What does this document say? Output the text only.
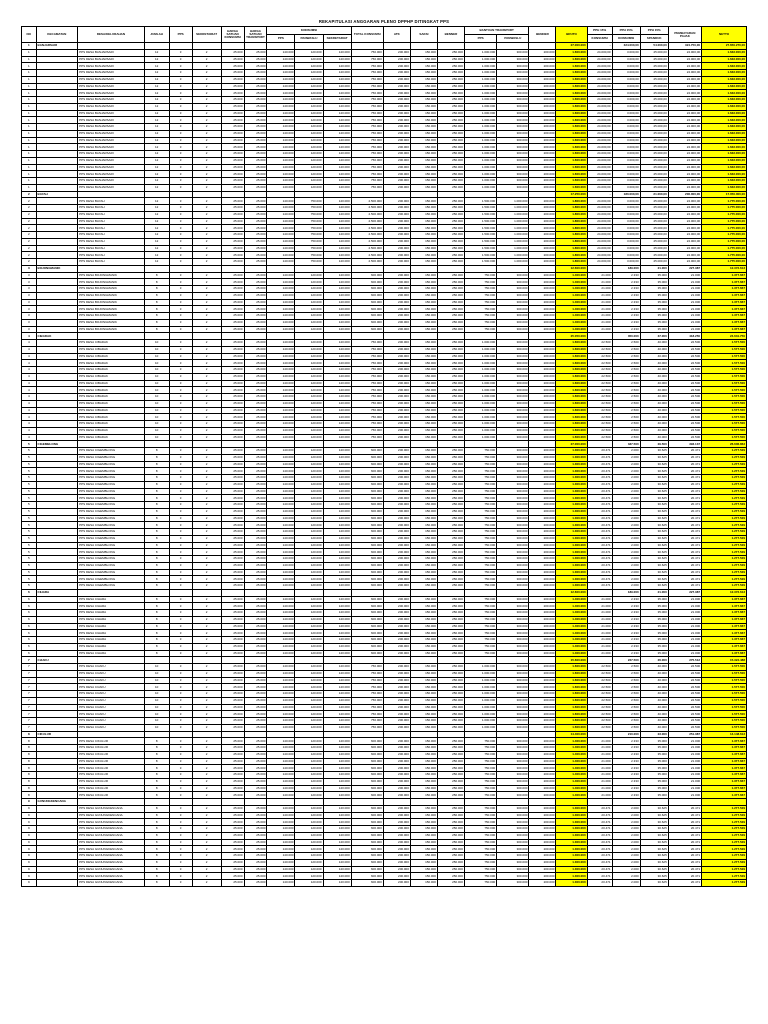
REKAPITULASI ANGGARAN PLENO DPPHP DITINGKAT PPS
NO	KECAMATAN	DESA/KELURAHAN	JUMLAH	PPS	SEKRETARIAT	HARGA SATUAN KONSUMSI	HARGA SATUAN TRANSPORT	KONSUMSI			TOTAL KONSUMSI	ATK	SAKSI	BENNER	BANTUAN TRANSPORT		BENNER	BRUTO	PPH 15%	PPH 15%	PPH 15%	PEMBAYARAN PAJAK	NETTO
								PPS	PANWASLU	SEKRETARIAT					PPS	PANWASLU			KONSUMSI	KONSUMSI	SPANDUK		
1	BANJARSARI																	27.000.000	-	324.000,00	54.000,00	324.750,00	27.650.270,00
1		PPS DESA BANJARSARI	12	3	2	25.000	25.000	140.000	120.000	140.000	750.000	200.000	150.000	250.000	1.000.000	300.000	200.000	1.600.000	24.000,00	3.000,00	45.000,00	24.000,00	1.633.000,00
1		PPS DESA BANJARSARI	12	3	2	25.000	25.000	140.000	120.000	140.000	750.000	200.000	150.000	250.000	1.000.000	300.000	200.000	1.600.000	24.000,00	3.000,00	45.000,00	24.000,00	1.633.000,00
1		PPS DESA BANJARSARI	12	3	2	25.000	25.000	140.000	120.000	140.000	750.000	200.000	150.000	250.000	1.000.000	300.000	200.000	1.600.000	24.000,00	3.000,00	45.000,00	24.000,00	1.633.000,00
1		PPS DESA BANJARSARI	12	3	2	25.000	25.000	140.000	120.000	140.000	750.000	200.000	150.000	250.000	1.000.000	300.000	200.000	1.600.000	24.000,00	3.000,00	45.000,00	24.000,00	1.633.000,00
1		PPS DESA BANJARSARI	12	3	2	25.000	25.000	140.000	120.000	140.000	750.000	200.000	150.000	250.000	1.000.000	300.000	200.000	1.600.000	24.000,00	3.000,00	45.000,00	24.000,00	1.633.000,00
1		PPS DESA BANJARSARI	12	3	2	25.000	25.000	140.000	120.000	140.000	750.000	200.000	150.000	250.000	1.000.000	300.000	200.000	1.600.000	24.000,00	3.000,00	45.000,00	24.000,00	1.633.000,00
1		PPS DESA BANJARSARI	12	3	2	25.000	25.000	140.000	120.000	140.000	750.000	200.000	150.000	250.000	1.000.000	300.000	200.000	1.600.000	24.000,00	3.000,00	45.000,00	24.000,00	1.633.000,00
1		PPS DESA BANJARSARI	12	3	2	25.000	25.000	140.000	120.000	140.000	750.000	200.000	150.000	250.000	1.000.000	300.000	200.000	1.600.000	24.000,00	3.000,00	45.000,00	24.000,00	1.633.000,00
1		PPS DESA BANJARSARI	12	3	2	25.000	25.000	140.000	120.000	140.000	750.000	200.000	150.000	250.000	1.000.000	300.000	200.000	1.600.000	24.000,00	3.000,00	45.000,00	24.000,00	1.633.000,00
1		PPS DESA BANJARSARI	12	3	2	25.000	25.000	140.000	120.000	140.000	750.000	200.000	150.000	250.000	1.000.000	300.000	200.000	1.600.000	24.000,00	3.000,00	45.000,00	24.000,00	1.633.000,00
1		PPS DESA BANJARSARI	12	3	2	25.000	25.000	140.000	120.000	140.000	750.000	200.000	150.000	250.000	1.000.000	300.000	200.000	1.600.000	24.000,00	3.000,00	45.000,00	24.000,00	1.633.000,00
1		PPS DESA BANJARSARI	12	3	2	25.000	25.000	140.000	120.000	140.000	750.000	200.000	150.000	250.000	1.000.000	300.000	200.000	1.600.000	24.000,00	3.000,00	45.000,00	24.000,00	1.633.000,00
1		PPS DESA BANJARSARI	12	3	2	25.000	25.000	140.000	120.000	140.000	750.000	200.000	150.000	250.000	1.000.000	300.000	200.000	1.600.000	24.000,00	3.000,00	45.000,00	24.000,00	1.633.000,00
1		PPS DESA BANJARSARI	12	3	2	25.000	25.000	140.000	120.000	140.000	750.000	200.000	150.000	250.000	1.000.000	300.000	200.000	1.600.000	24.000,00	3.000,00	45.000,00	24.000,00	1.633.000,00
1		PPS DESA BANJARSARI	12	3	2	25.000	25.000	140.000	120.000	140.000	750.000	200.000	150.000	250.000	1.000.000	300.000	200.000	1.600.000	24.000,00	3.000,00	45.000,00	24.000,00	1.633.000,00
1		PPS DESA BANJARSARI	12	3	2	25.000	25.000	140.000	120.000	140.000	750.000	200.000	150.000	250.000	1.000.000	300.000	200.000	1.600.000	24.000,00	3.000,00	45.000,00	24.000,00	1.633.000,00
1		PPS DESA BANJARSARI	12	3	2	25.000	25.000	140.000	120.000	140.000	750.000	200.000	150.000	250.000	1.000.000	300.000	200.000	1.600.000	24.000,00	3.000,00	45.000,00	24.000,00	1.633.000,00
1		PPS DESA BANJARSARI	12	3	2	25.000	25.000	140.000	120.000	140.000	750.000	200.000	150.000	250.000	1.000.000	300.000	200.000	1.600.000	24.000,00	3.000,00	45.000,00	24.000,00	1.633.000,00
1		PPS DESA BANJARSARI	12	3	2	25.000	25.000	140.000	120.000	140.000	750.000	200.000	150.000	250.000	1.000.000	300.000	200.000	1.600.000	24.000,00	3.000,00	45.000,00	24.000,00	1.633.000,00
1		PPS DESA BANJARSARI	12	3	2	25.000	25.000	140.000	120.000	140.000	750.000	200.000	150.000	250.000	1.000.000	300.000	200.000	1.600.000	24.000,00	3.000,00	45.000,00	24.000,00	1.633.000,00
1		PPS DESA BANJARSARI	12	3	2	25.000	25.000	140.000	120.000	140.000	750.000	200.000	150.000	250.000	1.000.000	300.000	200.000	1.600.000	24.000,00	3.000,00	45.000,00	24.000,00	1.633.000,00
2	BAYAH																	17.250.000	-	180.000,00	21.000,00	206.000,00	17.050.000,00
2		PPS DESA BAYAH	12	3	2	25.000	25.000	140.000	750.000	140.000	2.500.000	200.000	150.000	250.000	1.500.000	1.000.000	200.000	1.800.000	24.000,00	3.000,00	45.000,00	24.000,00	1.775.000,00
2		PPS DESA BAYAH	12	3	2	25.000	25.000	140.000	750.000	140.000	2.500.000	200.000	150.000	250.000	1.500.000	1.000.000	200.000	1.800.000	24.000,00	3.000,00	45.000,00	24.000,00	1.775.000,00
2		PPS DESA BAYAH	12	3	2	25.000	25.000	140.000	750.000	140.000	2.500.000	200.000	150.000	250.000	1.500.000	1.000.000	200.000	1.800.000	24.000,00	3.000,00	45.000,00	24.000,00	1.775.000,00
2		PPS DESA BAYAH	12	3	2	25.000	25.000	140.000	750.000	140.000	2.500.000	200.000	150.000	250.000	1.500.000	1.000.000	200.000	1.800.000	24.000,00	3.000,00	45.000,00	24.000,00	1.775.000,00
2		PPS DESA BAYAH	12	3	2	25.000	25.000	140.000	750.000	140.000	2.500.000	200.000	150.000	250.000	1.500.000	1.000.000	200.000	1.800.000	24.000,00	3.000,00	45.000,00	24.000,00	1.775.000,00
2		PPS DESA BAYAH	12	3	2	25.000	25.000	140.000	750.000	140.000	2.500.000	200.000	150.000	250.000	1.500.000	1.000.000	200.000	1.800.000	24.000,00	3.000,00	45.000,00	24.000,00	1.775.000,00
2		PPS DESA BAYAH	12	3	2	25.000	25.000	140.000	750.000	140.000	2.500.000	200.000	150.000	250.000	1.500.000	1.000.000	200.000	1.800.000	24.000,00	3.000,00	45.000,00	24.000,00	1.775.000,00
2		PPS DESA BAYAH	12	3	2	25.000	25.000	140.000	750.000	140.000	2.500.000	200.000	150.000	250.000	1.500.000	1.000.000	200.000	1.800.000	24.000,00	3.000,00	45.000,00	24.000,00	1.775.000,00
2		PPS DESA BAYAH	12	3	2	25.000	25.000	140.000	750.000	140.000	2.500.000	200.000	150.000	250.000	1.500.000	1.000.000	200.000	1.800.000	24.000,00	3.000,00	45.000,00	24.000,00	1.775.000,00
2		PPS DESA BAYAH	12	3	2	25.000	25.000	140.000	750.000	140.000	2.500.000	200.000	150.000	250.000	1.500.000	1.000.000	200.000	1.800.000	24.000,00	3.000,00	45.000,00	24.000,00	1.775.000,00
3	BOJONGMANIK																	12.600.000		189.000	21.000	227.387	12.372.613
3		PPS DESA BOJONGMANIK	8	3	2	25.000	25.000	140.000	120.000	140.000	600.000	200.000	150.000	250.000	750.000	300.000	200.000	1.400.000	21.000	2.333	35.000	21.000	1.377.667
3		PPS DESA BOJONGMANIK	8	3	2	25.000	25.000	140.000	120.000	140.000	600.000	200.000	150.000	250.000	750.000	300.000	200.000	1.400.000	21.000	2.333	35.000	21.000	1.377.667
3		PPS DESA BOJONGMANIK	8	3	2	25.000	25.000	140.000	120.000	140.000	600.000	200.000	150.000	250.000	750.000	300.000	200.000	1.400.000	21.000	2.333	35.000	21.000	1.377.667
3		PPS DESA BOJONGMANIK	8	3	2	25.000	25.000	140.000	120.000	140.000	600.000	200.000	150.000	250.000	750.000	300.000	200.000	1.400.000	21.000	2.333	35.000	21.000	1.377.667
3		PPS DESA BOJONGMANIK	8	3	2	25.000	25.000	140.000	120.000	140.000	600.000	200.000	150.000	250.000	750.000	300.000	200.000	1.400.000	21.000	2.333	35.000	21.000	1.377.667
3		PPS DESA BOJONGMANIK	8	3	2	25.000	25.000	140.000	120.000	140.000	600.000	200.000	150.000	250.000	750.000	300.000	200.000	1.400.000	21.000	2.333	35.000	21.000	1.377.667
3		PPS DESA BOJONGMANIK	8	3	2	25.000	25.000	140.000	120.000	140.000	600.000	200.000	150.000	250.000	750.000	300.000	200.000	1.400.000	21.000	2.333	35.000	21.000	1.377.667
3		PPS DESA BOJONGMANIK	8	3	2	25.000	25.000	140.000	120.000	140.000	600.000	200.000	150.000	250.000	750.000	300.000	200.000	1.400.000	21.000	2.333	35.000	21.000	1.377.667
3		PPS DESA BOJONGMANIK	8	3	2	25.000	25.000	140.000	120.000	140.000	600.000	200.000	150.000	250.000	750.000	300.000	200.000	1.400.000	21.000	2.333	35.000	21.000	1.377.667
4	CIBADAK																	25.050.000		350.000	37.000	418.250	24.631.750
4		PPS DESA CIBADAK	10	3	2	25.000	25.000	140.000	120.000	140.000	750.000	200.000	150.000	250.000	1.000.000	300.000	200.000	1.600.000	22.500	2.500	40.000	22.500	1.577.500
4		PPS DESA CIBADAK	10	3	2	25.000	25.000	140.000	120.000	140.000	750.000	200.000	150.000	250.000	1.000.000	300.000	200.000	1.600.000	22.500	2.500	40.000	22.500	1.577.500
4		PPS DESA CIBADAK	10	3	2	25.000	25.000	140.000	120.000	140.000	750.000	200.000	150.000	250.000	1.000.000	300.000	200.000	1.600.000	22.500	2.500	40.000	22.500	1.577.500
4		PPS DESA CIBADAK	10	3	2	25.000	25.000	140.000	120.000	140.000	750.000	200.000	150.000	250.000	1.000.000	300.000	200.000	1.600.000	22.500	2.500	40.000	22.500	1.577.500
4		PPS DESA CIBADAK	10	3	2	25.000	25.000	140.000	120.000	140.000	750.000	200.000	150.000	250.000	1.000.000	300.000	200.000	1.600.000	22.500	2.500	40.000	22.500	1.577.500
4		PPS DESA CIBADAK	10	3	2	25.000	25.000	140.000	120.000	140.000	750.000	200.000	150.000	250.000	1.000.000	300.000	200.000	1.600.000	22.500	2.500	40.000	22.500	1.577.500
4		PPS DESA CIBADAK	10	3	2	25.000	25.000	140.000	120.000	140.000	750.000	200.000	150.000	250.000	1.000.000	300.000	200.000	1.600.000	22.500	2.500	40.000	22.500	1.577.500
4		PPS DESA CIBADAK	10	3	2	25.000	25.000	140.000	120.000	140.000	750.000	200.000	150.000	250.000	1.000.000	300.000	200.000	1.600.000	22.500	2.500	40.000	22.500	1.577.500
4		PPS DESA CIBADAK	10	3	2	25.000	25.000	140.000	120.000	140.000	750.000	200.000	150.000	250.000	1.000.000	300.000	200.000	1.600.000	22.500	2.500	40.000	22.500	1.577.500
4		PPS DESA CIBADAK	10	3	2	25.000	25.000	140.000	120.000	140.000	750.000	200.000	150.000	250.000	1.000.000	300.000	200.000	1.600.000	22.500	2.500	40.000	22.500	1.577.500
4		PPS DESA CIBADAK	10	3	2	25.000	25.000	140.000	120.000	140.000	750.000	200.000	150.000	250.000	1.000.000	300.000	200.000	1.600.000	22.500	2.500	40.000	22.500	1.577.500
4		PPS DESA CIBADAK	10	3	2	25.000	25.000	140.000	120.000	140.000	750.000	200.000	150.000	250.000	1.000.000	300.000	200.000	1.600.000	22.500	2.500	40.000	22.500	1.577.500
4		PPS DESA CIBADAK	10	3	2	25.000	25.000	140.000	120.000	140.000	750.000	200.000	150.000	250.000	1.000.000	300.000	200.000	1.600.000	22.500	2.500	40.000	22.500	1.577.500
4		PPS DESA CIBADAK	10	3	2	25.000	25.000	140.000	120.000	140.000	750.000	200.000	150.000	250.000	1.000.000	300.000	200.000	1.600.000	22.500	2.500	40.000	22.500	1.577.500
4		PPS DESA CIBADAK	10	3	2	25.000	25.000	140.000	120.000	140.000	750.000	200.000	150.000	250.000	1.000.000	300.000	200.000	1.600.000	22.500	2.500	40.000	22.500	1.577.500
5	CIGEMBLONG																	27.000.000		337.500	29.500	393.137	26.606.863
5		PPS DESA CIGEMBLONG	8	3	2	25.000	25.000	140.000	120.000	140.000	600.000	200.000	150.000	250.000	750.000	300.000	200.000	1.300.000	20.471	2.000	30.625	20.471	1.277.529
5		PPS DESA CIGEMBLONG	8	3	2	25.000	25.000	140.000	120.000	140.000	600.000	200.000	150.000	250.000	750.000	300.000	200.000	1.300.000	20.471	2.000	30.625	20.471	1.277.529
5		PPS DESA CIGEMBLONG	8	3	2	25.000	25.000	140.000	120.000	140.000	600.000	200.000	150.000	250.000	750.000	300.000	200.000	1.300.000	20.471	2.000	30.625	20.471	1.277.529
5		PPS DESA CIGEMBLONG	8	3	2	25.000	25.000	140.000	120.000	140.000	600.000	200.000	150.000	250.000	750.000	300.000	200.000	1.300.000	20.471	2.000	30.625	20.471	1.277.529
5		PPS DESA CIGEMBLONG	8	3	2	25.000	25.000	140.000	120.000	140.000	600.000	200.000	150.000	250.000	750.000	300.000	200.000	1.300.000	20.471	2.000	30.625	20.471	1.277.529
5		PPS DESA CIGEMBLONG	8	3	2	25.000	25.000	140.000	120.000	140.000	600.000	200.000	150.000	250.000	750.000	300.000	200.000	1.300.000	20.471	2.000	30.625	20.471	1.277.529
5		PPS DESA CIGEMBLONG	8	3	2	25.000	25.000	140.000	120.000	140.000	600.000	200.000	150.000	250.000	750.000	300.000	200.000	1.300.000	20.471	2.000	30.625	20.471	1.277.529
5		PPS DESA CIGEMBLONG	8	3	2	25.000	25.000	140.000	120.000	140.000	600.000	200.000	150.000	250.000	750.000	300.000	200.000	1.300.000	20.471	2.000	30.625	20.471	1.277.529
5		PPS DESA CIGEMBLONG	8	3	2	25.000	25.000	140.000	120.000	140.000	600.000	200.000	150.000	250.000	750.000	300.000	200.000	1.300.000	20.471	2.000	30.625	20.471	1.277.529
5		PPS DESA CIGEMBLONG	8	3	2	25.000	25.000	140.000	120.000	140.000	600.000	200.000	150.000	250.000	750.000	300.000	200.000	1.300.000	20.471	2.000	30.625	20.471	1.277.529
5		PPS DESA CIGEMBLONG	8	3	2	25.000	25.000	140.000	120.000	140.000	600.000	200.000	150.000	250.000	750.000	300.000	200.000	1.300.000	20.471	2.000	30.625	20.471	1.277.529
5		PPS DESA CIGEMBLONG	8	3	2	25.000	25.000	140.000	120.000	140.000	600.000	200.000	150.000	250.000	750.000	300.000	200.000	1.300.000	20.471	2.000	30.625	20.471	1.277.529
5		PPS DESA CIGEMBLONG	8	3	2	25.000	25.000	140.000	120.000	140.000	600.000	200.000	150.000	250.000	750.000	300.000	200.000	1.300.000	20.471	2.000	30.625	20.471	1.277.529
5		PPS DESA CIGEMBLONG	8	3	2	25.000	25.000	140.000	120.000	140.000	600.000	200.000	150.000	250.000	750.000	300.000	200.000	1.300.000	20.471	2.000	30.625	20.471	1.277.529
5		PPS DESA CIGEMBLONG	8	3	2	25.000	25.000	140.000	120.000	140.000	600.000	200.000	150.000	250.000	750.000	300.000	200.000	1.300.000	20.471	2.000	30.625	20.471	1.277.529
5		PPS DESA CIGEMBLONG	8	3	2	25.000	25.000	140.000	120.000	140.000	600.000	200.000	150.000	250.000	750.000	300.000	200.000	1.300.000	20.471	2.000	30.625	20.471	1.277.529
5		PPS DESA CIGEMBLONG	8	3	2	25.000	25.000	140.000	120.000	140.000	600.000	200.000	150.000	250.000	750.000	300.000	200.000	1.300.000	20.471	2.000	30.625	20.471	1.277.529
5		PPS DESA CIGEMBLONG	8	3	2	25.000	25.000	140.000	120.000	140.000	600.000	200.000	150.000	250.000	750.000	300.000	200.000	1.300.000	20.471	2.000	30.625	20.471	1.277.529
5		PPS DESA CIGEMBLONG	8	3	2	25.000	25.000	140.000	120.000	140.000	600.000	200.000	150.000	250.000	750.000	300.000	200.000	1.300.000	20.471	2.000	30.625	20.471	1.277.529
5		PPS DESA CIGEMBLONG	8	3	2	25.000	25.000	140.000	120.000	140.000	600.000	200.000	150.000	250.000	750.000	300.000	200.000	1.300.000	20.471	2.000	30.625	20.471	1.277.529
5		PPS DESA CIGEMBLONG	8	3	2	25.000	25.000	140.000	120.000	140.000	600.000	200.000	150.000	250.000	750.000	300.000	200.000	1.300.000	20.471	2.000	30.625	20.471	1.277.529
6	CIHARA																	12.600.000		189.000	21.000	227.387	12.372.613
6		PPS DESA CIHARA	8	3	2	25.000	25.000	140.000	120.000	140.000	600.000	200.000	150.000	250.000	750.000	300.000	200.000	1.400.000	21.000	2.333	35.000	21.000	1.377.667
6		PPS DESA CIHARA	8	3	2	25.000	25.000	140.000	120.000	140.000	600.000	200.000	150.000	250.000	750.000	300.000	200.000	1.400.000	21.000	2.333	35.000	21.000	1.377.667
6		PPS DESA CIHARA	8	3	2	25.000	25.000	140.000	120.000	140.000	600.000	200.000	150.000	250.000	750.000	300.000	200.000	1.400.000	21.000	2.333	35.000	21.000	1.377.667
6		PPS DESA CIHARA	8	3	2	25.000	25.000	140.000	120.000	140.000	600.000	200.000	150.000	250.000	750.000	300.000	200.000	1.400.000	21.000	2.333	35.000	21.000	1.377.667
6		PPS DESA CIHARA	8	3	2	25.000	25.000	140.000	120.000	140.000	600.000	200.000	150.000	250.000	750.000	300.000	200.000	1.400.000	21.000	2.333	35.000	21.000	1.377.667
6		PPS DESA CIHARA	8	3	2	25.000	25.000	140.000	120.000	140.000	600.000	200.000	150.000	250.000	750.000	300.000	200.000	1.400.000	21.000	2.333	35.000	21.000	1.377.667
6		PPS DESA CIHARA	8	3	2	25.000	25.000	140.000	120.000	140.000	600.000	200.000	150.000	250.000	750.000	300.000	200.000	1.400.000	21.000	2.333	35.000	21.000	1.377.667
6		PPS DESA CIHARA	8	3	2	25.000	25.000	140.000	120.000	140.000	600.000	200.000	150.000	250.000	750.000	300.000	200.000	1.400.000	21.000	2.333	35.000	21.000	1.377.667
6		PPS DESA CIHARA	8	3	2	25.000	25.000	140.000	120.000	140.000	600.000	200.000	150.000	250.000	750.000	300.000	200.000	1.400.000	21.000	2.333	35.000	21.000	1.377.667
7	CIJAKU																	15.600.000		227.500	26.000	275.512	15.324.488
7		PPS DESA CIJAKU	10	3	2	25.000	25.000	140.000	120.000	140.000	750.000	200.000	150.000	250.000	1.000.000	300.000	200.000	1.600.000	22.500	2.500	40.000	22.500	1.577.500
7		PPS DESA CIJAKU	10	3	2	25.000	25.000	140.000	120.000	140.000	750.000	200.000	150.000	250.000	1.000.000	300.000	200.000	1.600.000	22.500	2.500	40.000	22.500	1.577.500
7		PPS DESA CIJAKU	10	3	2	25.000	25.000	140.000	120.000	140.000	750.000	200.000	150.000	250.000	1.000.000	300.000	200.000	1.600.000	22.500	2.500	40.000	22.500	1.577.500
7		PPS DESA CIJAKU	10	3	2	25.000	25.000	140.000	120.000	140.000	750.000	200.000	150.000	250.000	1.000.000	300.000	200.000	1.600.000	22.500	2.500	40.000	22.500	1.577.500
7		PPS DESA CIJAKU	10	3	2	25.000	25.000	140.000	120.000	140.000	750.000	200.000	150.000	250.000	1.000.000	300.000	200.000	1.600.000	22.500	2.500	40.000	22.500	1.577.500
7		PPS DESA CIJAKU	10	3	2	25.000	25.000	140.000	120.000	140.000	750.000	200.000	150.000	250.000	1.000.000	300.000	200.000	1.600.000	22.500	2.500	40.000	22.500	1.577.500
7		PPS DESA CIJAKU	10	3	2	25.000	25.000	140.000	120.000	140.000	750.000	200.000	150.000	250.000	1.000.000	300.000	200.000	1.600.000	22.500	2.500	40.000	22.500	1.577.500
7		PPS DESA CIJAKU	10	3	2	25.000	25.000	140.000	120.000	140.000	750.000	200.000	150.000	250.000	1.000.000	300.000	200.000	1.600.000	22.500	2.500	40.000	22.500	1.577.500
7		PPS DESA CIJAKU	10	3	2	25.000	25.000	140.000	120.000	140.000	750.000	200.000	150.000	250.000	1.000.000	300.000	200.000	1.600.000	22.500	2.500	40.000	22.500	1.577.500
7		PPS DESA CIJAKU	10	3	2	25.000	25.000	140.000	120.000	140.000	750.000	200.000	150.000	250.000	1.000.000	300.000	200.000	1.600.000	22.500	2.500	40.000	22.500	1.577.500
8	CIKULUR																	14.400.000		210.000	23.000	251.387	14.148.613
8		PPS DESA CIKULUR	8	3	2	25.000	25.000	140.000	120.000	140.000	600.000	200.000	150.000	250.000	750.000	300.000	200.000	1.400.000	21.000	2.333	35.000	21.000	1.377.667
8		PPS DESA CIKULUR	8	3	2	25.000	25.000	140.000	120.000	140.000	600.000	200.000	150.000	250.000	750.000	300.000	200.000	1.400.000	21.000	2.333	35.000	21.000	1.377.667
8		PPS DESA CIKULUR	8	3	2	25.000	25.000	140.000	120.000	140.000	600.000	200.000	150.000	250.000	750.000	300.000	200.000	1.400.000	21.000	2.333	35.000	21.000	1.377.667
8		PPS DESA CIKULUR	8	3	2	25.000	25.000	140.000	120.000	140.000	600.000	200.000	150.000	250.000	750.000	300.000	200.000	1.400.000	21.000	2.333	35.000	21.000	1.377.667
8		PPS DESA CIKULUR	8	3	2	25.000	25.000	140.000	120.000	140.000	600.000	200.000	150.000	250.000	750.000	300.000	200.000	1.400.000	21.000	2.333	35.000	21.000	1.377.667
8		PPS DESA CIKULUR	8	3	2	25.000	25.000	140.000	120.000	140.000	600.000	200.000	150.000	250.000	750.000	300.000	200.000	1.400.000	21.000	2.333	35.000	21.000	1.377.667
8		PPS DESA CIKULUR	8	3	2	25.000	25.000	140.000	120.000	140.000	600.000	200.000	150.000	250.000	750.000	300.000	200.000	1.400.000	21.000	2.333	35.000	21.000	1.377.667
8		PPS DESA CIKULUR	8	3	2	25.000	25.000	140.000	120.000	140.000	600.000	200.000	150.000	250.000	750.000	300.000	200.000	1.400.000	21.000	2.333	35.000	21.000	1.377.667
8		PPS DESA CIKULUR	8	3	2	25.000	25.000	140.000	120.000	140.000	600.000	200.000	150.000	250.000	750.000	300.000	200.000	1.400.000	21.000	2.333	35.000	21.000	1.377.667
9	GUNUNGKENCANA																						
9		PPS DESA GUNUNGKENCANA	8	3	2	25.000	25.000	140.000	120.000	140.000	600.000	200.000	150.000	250.000	750.000	300.000	200.000	1.300.000	20.471	2.000	30.625	20.471	1.277.529
9		PPS DESA GUNUNGKENCANA	8	3	2	25.000	25.000	140.000	120.000	140.000	600.000	200.000	150.000	250.000	750.000	300.000	200.000	1.300.000	20.471	2.000	30.625	20.471	1.277.529
9		PPS DESA GUNUNGKENCANA	8	3	2	25.000	25.000	140.000	120.000	140.000	600.000	200.000	150.000	250.000	750.000	300.000	200.000	1.300.000	20.471	2.000	30.625	20.471	1.277.529
9		PPS DESA GUNUNGKENCANA	8	3	2	25.000	25.000	140.000	120.000	140.000	600.000	200.000	150.000	250.000	750.000	300.000	200.000	1.300.000	20.471	2.000	30.625	20.471	1.277.529
9		PPS DESA GUNUNGKENCANA	8	3	2	25.000	25.000	140.000	120.000	140.000	600.000	200.000	150.000	250.000	750.000	300.000	200.000	1.300.000	20.471	2.000	30.625	20.471	1.277.529
9		PPS DESA GUNUNGKENCANA	8	3	2	25.000	25.000	140.000	120.000	140.000	600.000	200.000	150.000	250.000	750.000	300.000	200.000	1.300.000	20.471	2.000	30.625	20.471	1.277.529
9		PPS DESA GUNUNGKENCANA	8	3	2	25.000	25.000	140.000	120.000	140.000	600.000	200.000	150.000	250.000	750.000	300.000	200.000	1.300.000	20.471	2.000	30.625	20.471	1.277.529
9		PPS DESA GUNUNGKENCANA	8	3	2	25.000	25.000	140.000	120.000	140.000	600.000	200.000	150.000	250.000	750.000	300.000	200.000	1.300.000	20.471	2.000	30.625	20.471	1.277.529
9		PPS DESA GUNUNGKENCANA	8	3	2	25.000	25.000	140.000	120.000	140.000	600.000	200.000	150.000	250.000	750.000	300.000	200.000	1.300.000	20.471	2.000	30.625	20.471	1.277.529
9		PPS DESA GUNUNGKENCANA	8	3	2	25.000	25.000	140.000	120.000	140.000	600.000	200.000	150.000	250.000	750.000	300.000	200.000	1.300.000	20.471	2.000	30.625	20.471	1.277.529
9		PPS DESA GUNUNGKENCANA	8	3	2	25.000	25.000	140.000	120.000	140.000	600.000	200.000	150.000	250.000	750.000	300.000	200.000	1.300.000	20.471	2.000	30.625	20.471	1.277.529
9		PPS DESA GUNUNGKENCANA	8	3	2	25.000	25.000	140.000	120.000	140.000	600.000	200.000	150.000	250.000	750.000	300.000	200.000	1.300.000	20.471	2.000	30.625	20.471	1.277.529
